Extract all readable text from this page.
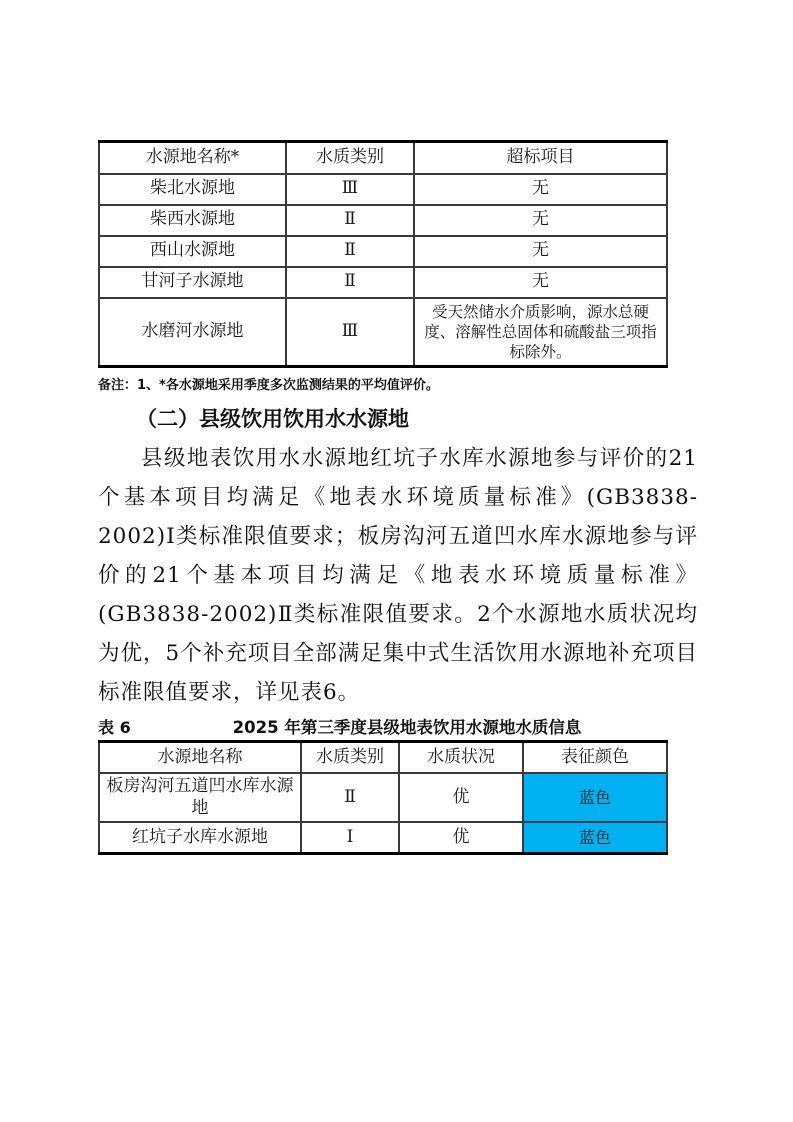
水源地名称*	水质类别	超标项目
柴北水源地	Ⅲ	无
柴西水源地	Ⅱ	无
西山水源地	Ⅱ	无
甘河子水源地	Ⅱ	无
水磨河水源地	Ⅲ	受天然储水介质影响，源水总硬度、溶解性总固体和硫酸盐三项指标除外。
备注：1、*各水源地采用季度多次监测结果的平均值评价。
（二）县级饮用饮用水水源地

县级地表饮用水水源地红坑子水库水源地参与评价的21个基本项目均满足《地表水环境质量标准》(GB3838-2002)Ⅰ类标准限值要求；板房沟河五道凹水库水源地参与评价的21个基本项目均满足《地表水环境质量标准》(GB3838-2002)Ⅱ类标准限值要求。2个水源地水质状况均为优，5个补充项目全部满足集中式生活饮用水源地补充项目标准限值要求，详见表6。

表 6	2025 年第三季度县级地表饮用水源地水质信息
水源地名称	水质类别	水质状况	表征颜色
板房沟河五道凹水库水源地	Ⅱ	优	蓝色
红坑子水库水源地	Ⅰ	优	蓝色
